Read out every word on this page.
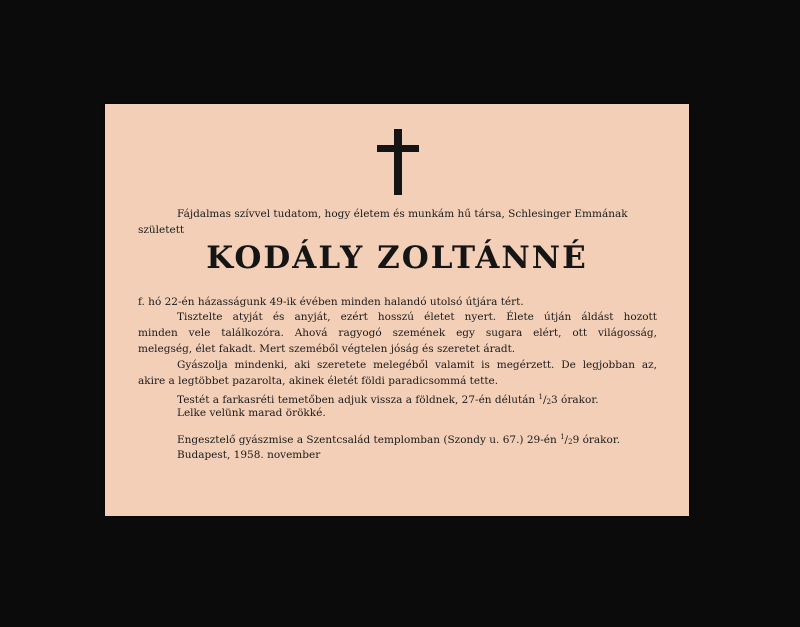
Fájdalmas szívvel tudatom, hogy életem és munkám hű társa, Schlesinger Emmának
született
KODÁLY ZOLTÁNNÉ
f. hó 22-én házasságunk 49-ik évében minden halandó utolsó útjára tért.
Tisztelte atyját és anyját, ezért hosszú életet nyert. Élete útján áldást hozott
minden vele találkozóra. Ahová ragyogó szemének egy sugara elért, ott világosság,
melegség, élet fakadt. Mert szeméből végtelen jóság és szeretet áradt.
Gyászolja mindenki, aki szeretete melegéből valamit is megérzett. De legjobban az,
akire a legtöbbet pazarolta, akinek életét földi paradicsommá tette.
Testét a farkasréti temetőben adjuk vissza a földnek, 27-én délután $^1/_23$ órakor.
Lelke velünk marad örökké.
Engesztelő gyászmise a Szentcsalád templomban (Szondy u. 67.) 29-én $^1/_29$ órakor.
Budapest, 1958. november
